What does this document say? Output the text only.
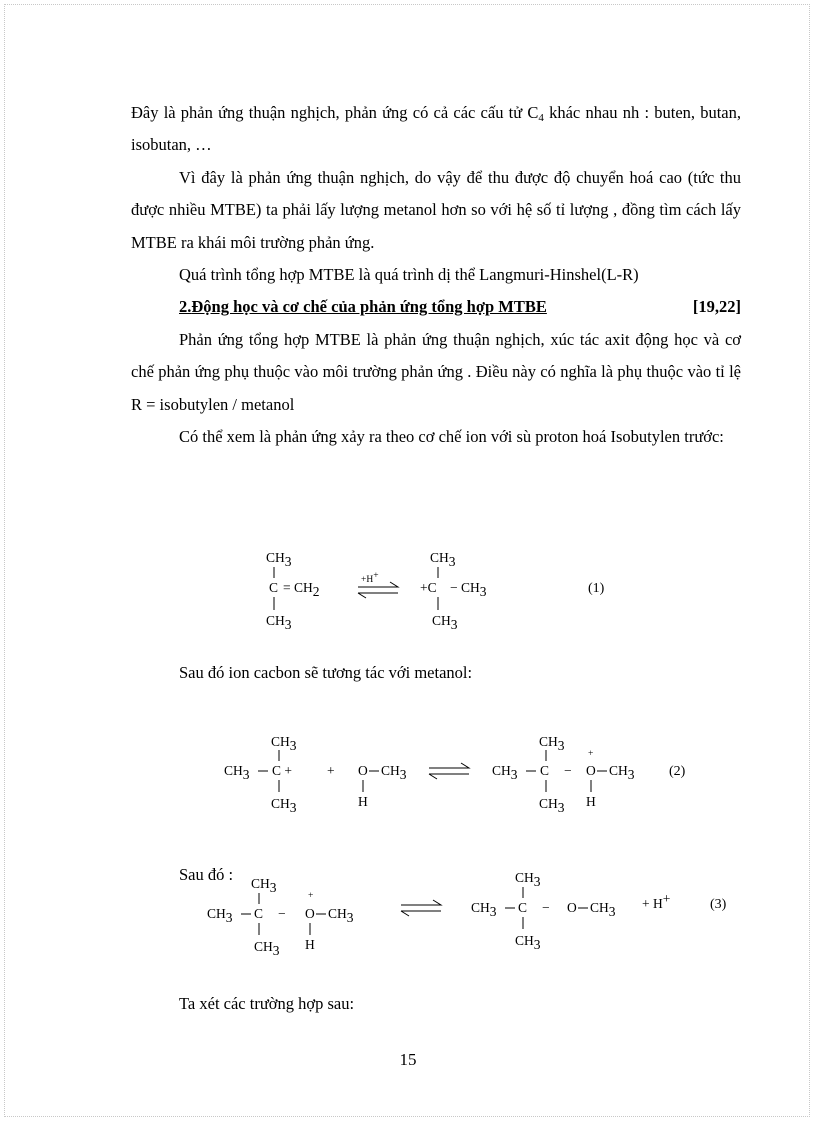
Đây là phản ứng thuận nghịch, phản ứng có cả các cấu tử $C_4$ khác nhau nh : buten, butan, isobutan, …

Vì đây là phản ứng thuận nghịch, do vậy để thu được độ chuyển hoá cao (tức thu được nhiều MTBE) ta phải lấy lượng metanol hơn so với hệ số tỉ lượng , đồng tìm cách lấy MTBE ra khái môi trường phản ứng.

Quá trình tổng hợp MTBE là quá trình dị thể Langmuri-Hinshel(L-R)

2.Động học và cơ chế của phản ứng tổng hợp MTBE	[19,22]

Phản ứng tổng hợp MTBE là phản ứng thuận nghịch, xúc tác axit động học và cơ chế phản ứng phụ thuộc vào môi trường phản ứng . Điều này có nghĩa là phụ thuộc vào tỉ lệ R = isobutylen / metanol

Có thể xem là phản ứng xảy ra theo cơ chế ion với sù proton hoá Isobutylen trước:

CH3
C = CH2
CH3
+H+
CH3
+C − CH3
CH3
(1)
Sau đó ion cacbon sẽ tương tác với metanol:
CH3
CH3 C +
CH3
+ O CH3
H
CH3
CH3 C −
CH3
+
O CH3
H
(2)
Sau đó : CH3
CH3 C −
CH3
+
O CH3
H
CH3
CH3 C −
CH3
O CH3
+ H+	(3)
Ta xét các trường hợp sau:
15
